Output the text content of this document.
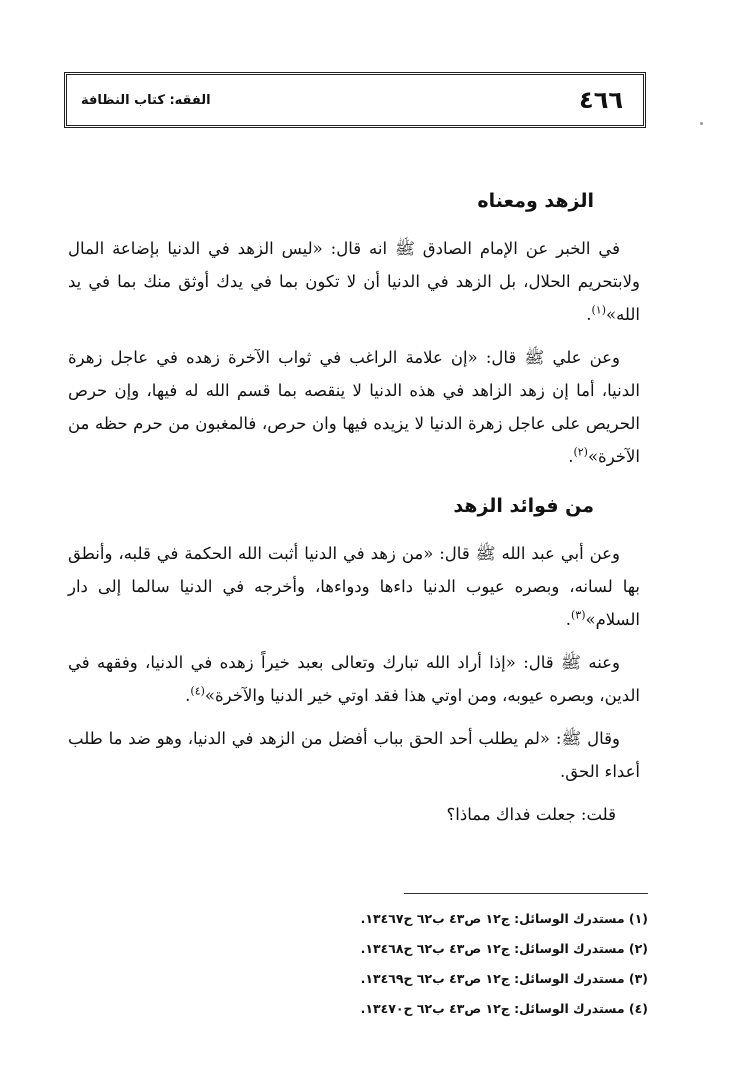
٤٦٦
الفقه: كتاب النظافة
الزهد ومعناه

في الخبر عن الإمام الصادق ﷺ انه قال: «ليس الزهد في الدنيا بإضاعة المال ولابتحريم الحلال، بل الزهد في الدنيا أن لا تكون بما في يدك أوثق منك بما في يد الله»$^{(١)}$.

وعن علي ﷺ قال: «إن علامة الراغب في ثواب الآخرة زهده في عاجل زهرة الدنيا، أما إن زهد الزاهد في هذه الدنيا لا ينقصه بما قسم الله له فيها، وإن حرص الحريص على عاجل زهرة الدنيا لا يزيده فيها وان حرص، فالمغبون من حرم حظه من الآخرة»$^{(٢)}$.

من فوائد الزهد

وعن أبي عبد الله ﷺ قال: «من زهد في الدنيا أثبت الله الحكمة في قلبه، وأنطق بها لسانه، وبصره عيوب الدنيا داءها ودواءها، وأخرجه في الدنيا سالما إلى دار السلام»$^{(٣)}$.

وعنه ﷺ قال: «إذا أراد الله تبارك وتعالى بعبد خيراً زهده في الدنيا، وفقهه في الدين، وبصره عيوبه، ومن اوتي هذا فقد اوتي خير الدنيا والآخرة»$^{(٤)}$.

وقال ﷺ: «لم يطلب أحد الحق بباب أفضل من الزهد في الدنيا، وهو ضد ما طلب أعداء الحق.

قلت: جعلت فداك مماذا؟
(١) مستدرك الوسائل: ج١٢ ص٤٣ ب٦٢ ح١٣٤٦٧.
(٢) مستدرك الوسائل: ج١٢ ص٤٣ ب٦٢ ح١٣٤٦٨.
(٣) مستدرك الوسائل: ج١٢ ص٤٣ ب٦٢ ح١٣٤٦٩.
(٤) مستدرك الوسائل: ج١٢ ص٤٣ ب٦٢ ح١٣٤٧٠.
